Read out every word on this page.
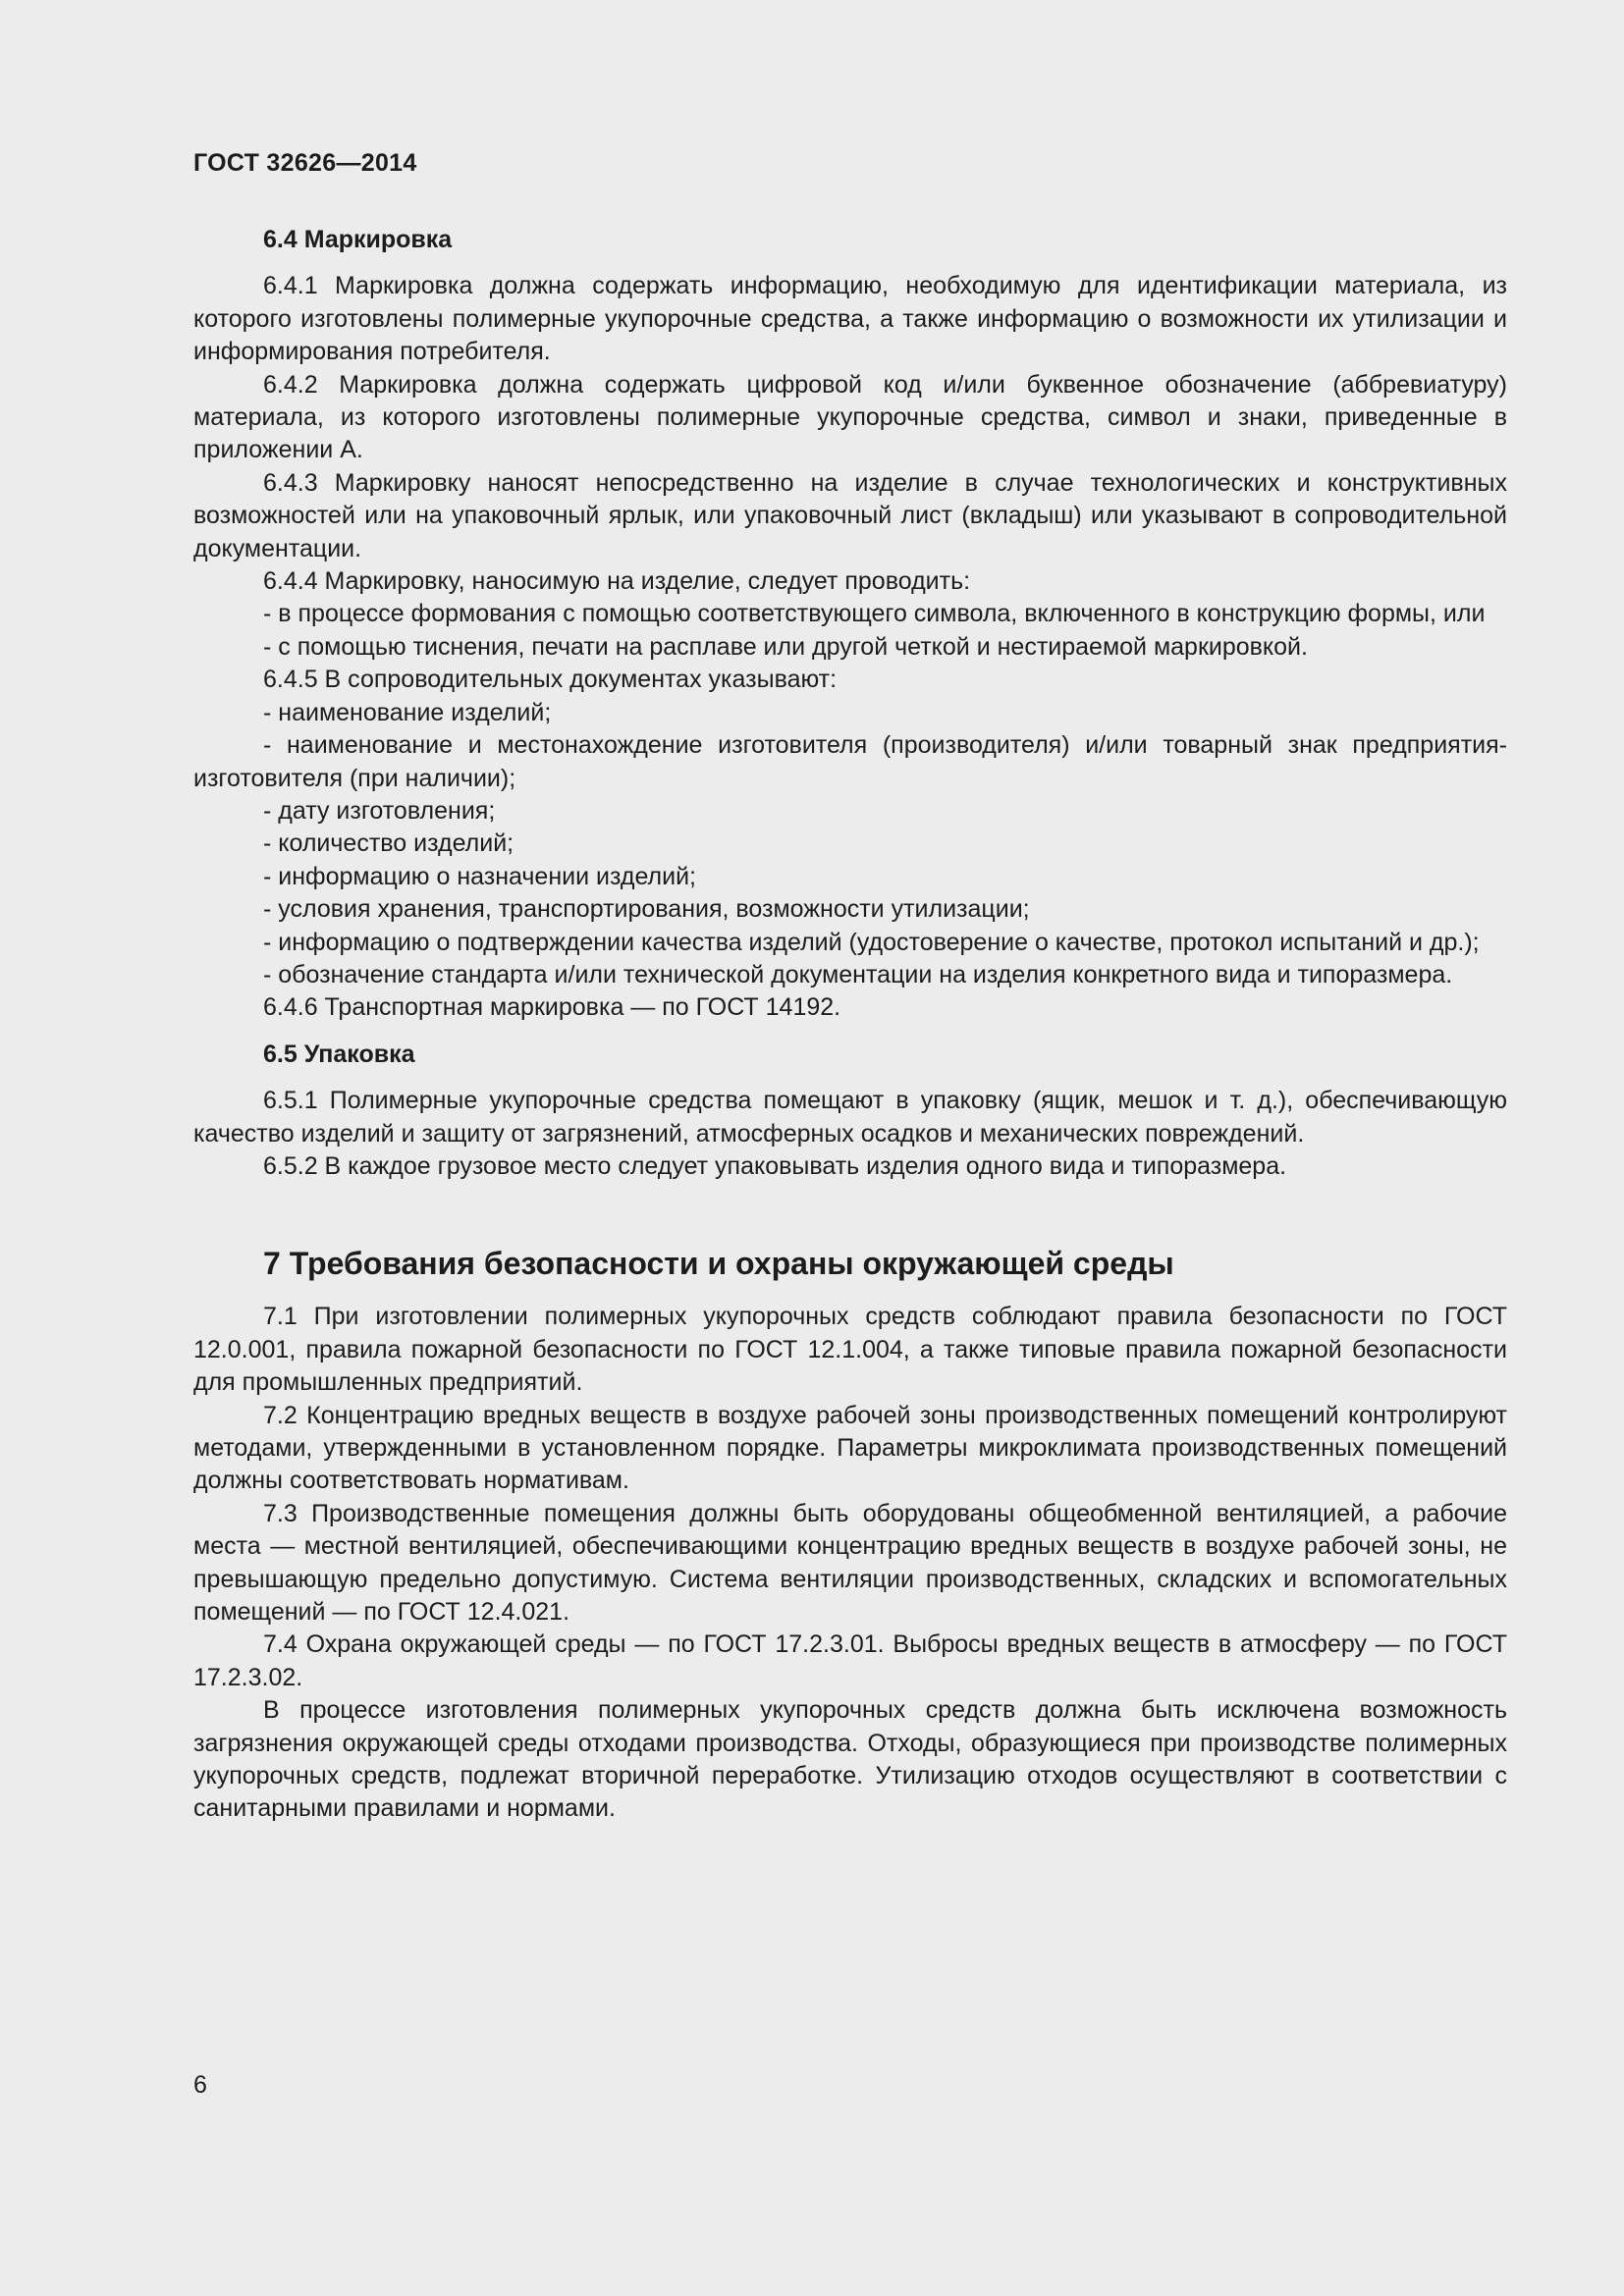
ГОСТ 32626—2014
6.4 Маркировка

6.4.1 Маркировка должна содержать информацию, необходимую для идентификации материала, из которого изготовлены полимерные укупорочные средства, а также информацию о возможности их утилизации и информирования потребителя.

6.4.2 Маркировка должна содержать цифровой код и/или буквенное обозначение (аббревиатуру) материала, из которого изготовлены полимерные укупорочные средства, символ и знаки, приведенные в приложении А.

6.4.3 Маркировку наносят непосредственно на изделие в случае технологических и конструктивных возможностей или на упаковочный ярлык, или упаковочный лист (вкладыш) или указывают в сопроводительной документации.

6.4.4 Маркировку, наносимую на изделие, следует проводить:

- в процессе формования с помощью соответствующего символа, включенного в конструкцию формы, или

- с помощью тиснения, печати на расплаве или другой четкой и нестираемой маркировкой.

6.4.5 В сопроводительных документах указывают:

- наименование изделий;

- наименование и местонахождение изготовителя (производителя) и/или товарный знак предприятия-изготовителя (при наличии);

- дату изготовления;

- количество изделий;

- информацию о назначении изделий;

- условия хранения, транспортирования, возможности утилизации;

- информацию о подтверждении качества изделий (удостоверение о качестве, протокол испытаний и др.);

- обозначение стандарта и/или технической документации на изделия конкретного вида и типоразмера.

6.4.6 Транспортная маркировка — по ГОСТ 14192.

6.5 Упаковка

6.5.1 Полимерные укупорочные средства помещают в упаковку (ящик, мешок и т. д.), обеспечивающую качество изделий и защиту от загрязнений, атмосферных осадков и механических повреждений.

6.5.2 В каждое грузовое место следует упаковывать изделия одного вида и типоразмера.

7 Требования безопасности и охраны окружающей среды

7.1 При изготовлении полимерных укупорочных средств соблюдают правила безопасности по ГОСТ 12.0.001, правила пожарной безопасности по ГОСТ 12.1.004, а также типовые правила пожарной безопасности для промышленных предприятий.

7.2 Концентрацию вредных веществ в воздухе рабочей зоны производственных помещений контролируют методами, утвержденными в установленном порядке. Параметры микроклимата производственных помещений должны соответствовать нормативам.

7.3 Производственные помещения должны быть оборудованы общеобменной вентиляцией, а рабочие места — местной вентиляцией, обеспечивающими концентрацию вредных веществ в воздухе рабочей зоны, не превышающую предельно допустимую. Система вентиляции производственных, складских и вспомогательных помещений — по ГОСТ 12.4.021.

7.4 Охрана окружающей среды — по ГОСТ 17.2.3.01. Выбросы вредных веществ в атмосферу — по ГОСТ 17.2.3.02.

В процессе изготовления полимерных укупорочных средств должна быть исключена возможность загрязнения окружающей среды отходами производства. Отходы, образующиеся при производстве полимерных укупорочных средств, подлежат вторичной переработке. Утилизацию отходов осуществляют в соответствии с санитарными правилами и нормами.

6
